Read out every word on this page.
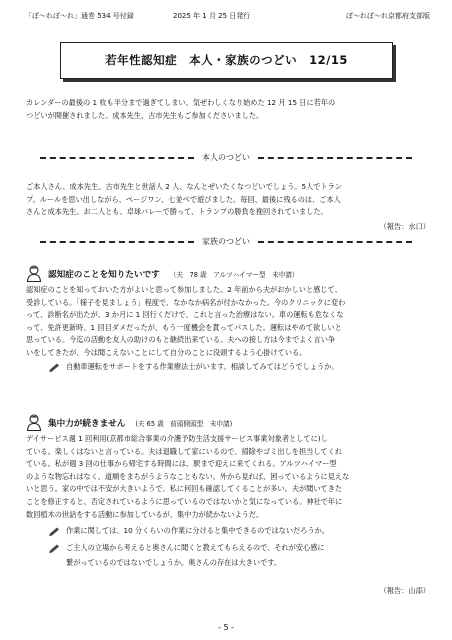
「ぼ～れぼ～れ」通巻 534 号付録	2025 年 1 月 25 日発行	ぼ～れぼ～れ京都府支部版
若年性認知症　本人・家族のつどい　12/15
カレンダーの最後の 1 枚も半分まで過ぎてしまい、気ぜわしくなり始めた 12 月 15 日に若年の
つどいが開催されました。成本先生、古市先生もご参加くださいました。
本人のつどい
ご本人さん、成本先生、古市先生と世話人 2 人、なんとぜいたくなつどいでしょう。5人でトラン
プ。ルールを思い出しながら、ページワン、七並べで遊びました。毎回、最後に残るのは、ご本人
さんと成本先生。お二人とも、卓球バレーで勝って、トランプの勝負を挽回されていました。
（報告：水口）
家族のつどい
認知症のことを知りたいです （夫　78 歳　アルツハイマー型　未申請）
認知症のことを知っておいた方がよいと思って参加しました。2 年前から夫がおかしいと感じて、
受診している。「様子を見ましょう」程度で、なかなか病名が付かなかった。今のクリニックに変わ
って、診断名が出たが、3 か月に 1 回行くだけで、これと言った治療はない。車の運転も危なくな
って、免許更新時、1 回目ダメだったが、もう一度機会を貰ってパスした。運転はやめて欲しいと
思っている。今迄の活動を友人の助けのもと継続出来ている。夫への接し方は今までよく言い争
いをしてきたが、今は聞こえないことにして自分のことに没頭するよう心掛けている。
自動車運転をサポートをする作業療法士がいます。相談してみてはどうでしょうか。
集中力が続きません (夫 65 歳　前頭側頭型　未申請)
デイサービス週 1 回利用(京都市総合事業の介護予防生活支援サービス事業対象者としてに)し
ている。楽しくはないと言っている。夫は退職して家にいるので、掃除やゴミ出しを担当してくれ
ている。私が週 3 回の仕事から帰宅する時間には、駅まで迎えに来てくれる。アルツハイマー型
のような物忘れはなく、道順をまちがうようなこともない。外から見れば、困っているように見えな
いと思う。家の中では不安が大きいようで、私に何回も確認してくることが多い。夫が聞いてきた
ことを修正すると、否定されているように思っているのではないかと気になっている。神社で年に
数回植木の世話をする活動に参加しているが、集中力が続かないようだ。
作業に関しては、10 分くらいの作業に分けると集中できるのではないだろうか。
ご主人の立場から考えると奥さんに聞くと教えてもらえるので、それが安心感に
繋がっているのではないでしょうか。奥さんの存在は大きいです。
（報告：山添）
- 5 -
